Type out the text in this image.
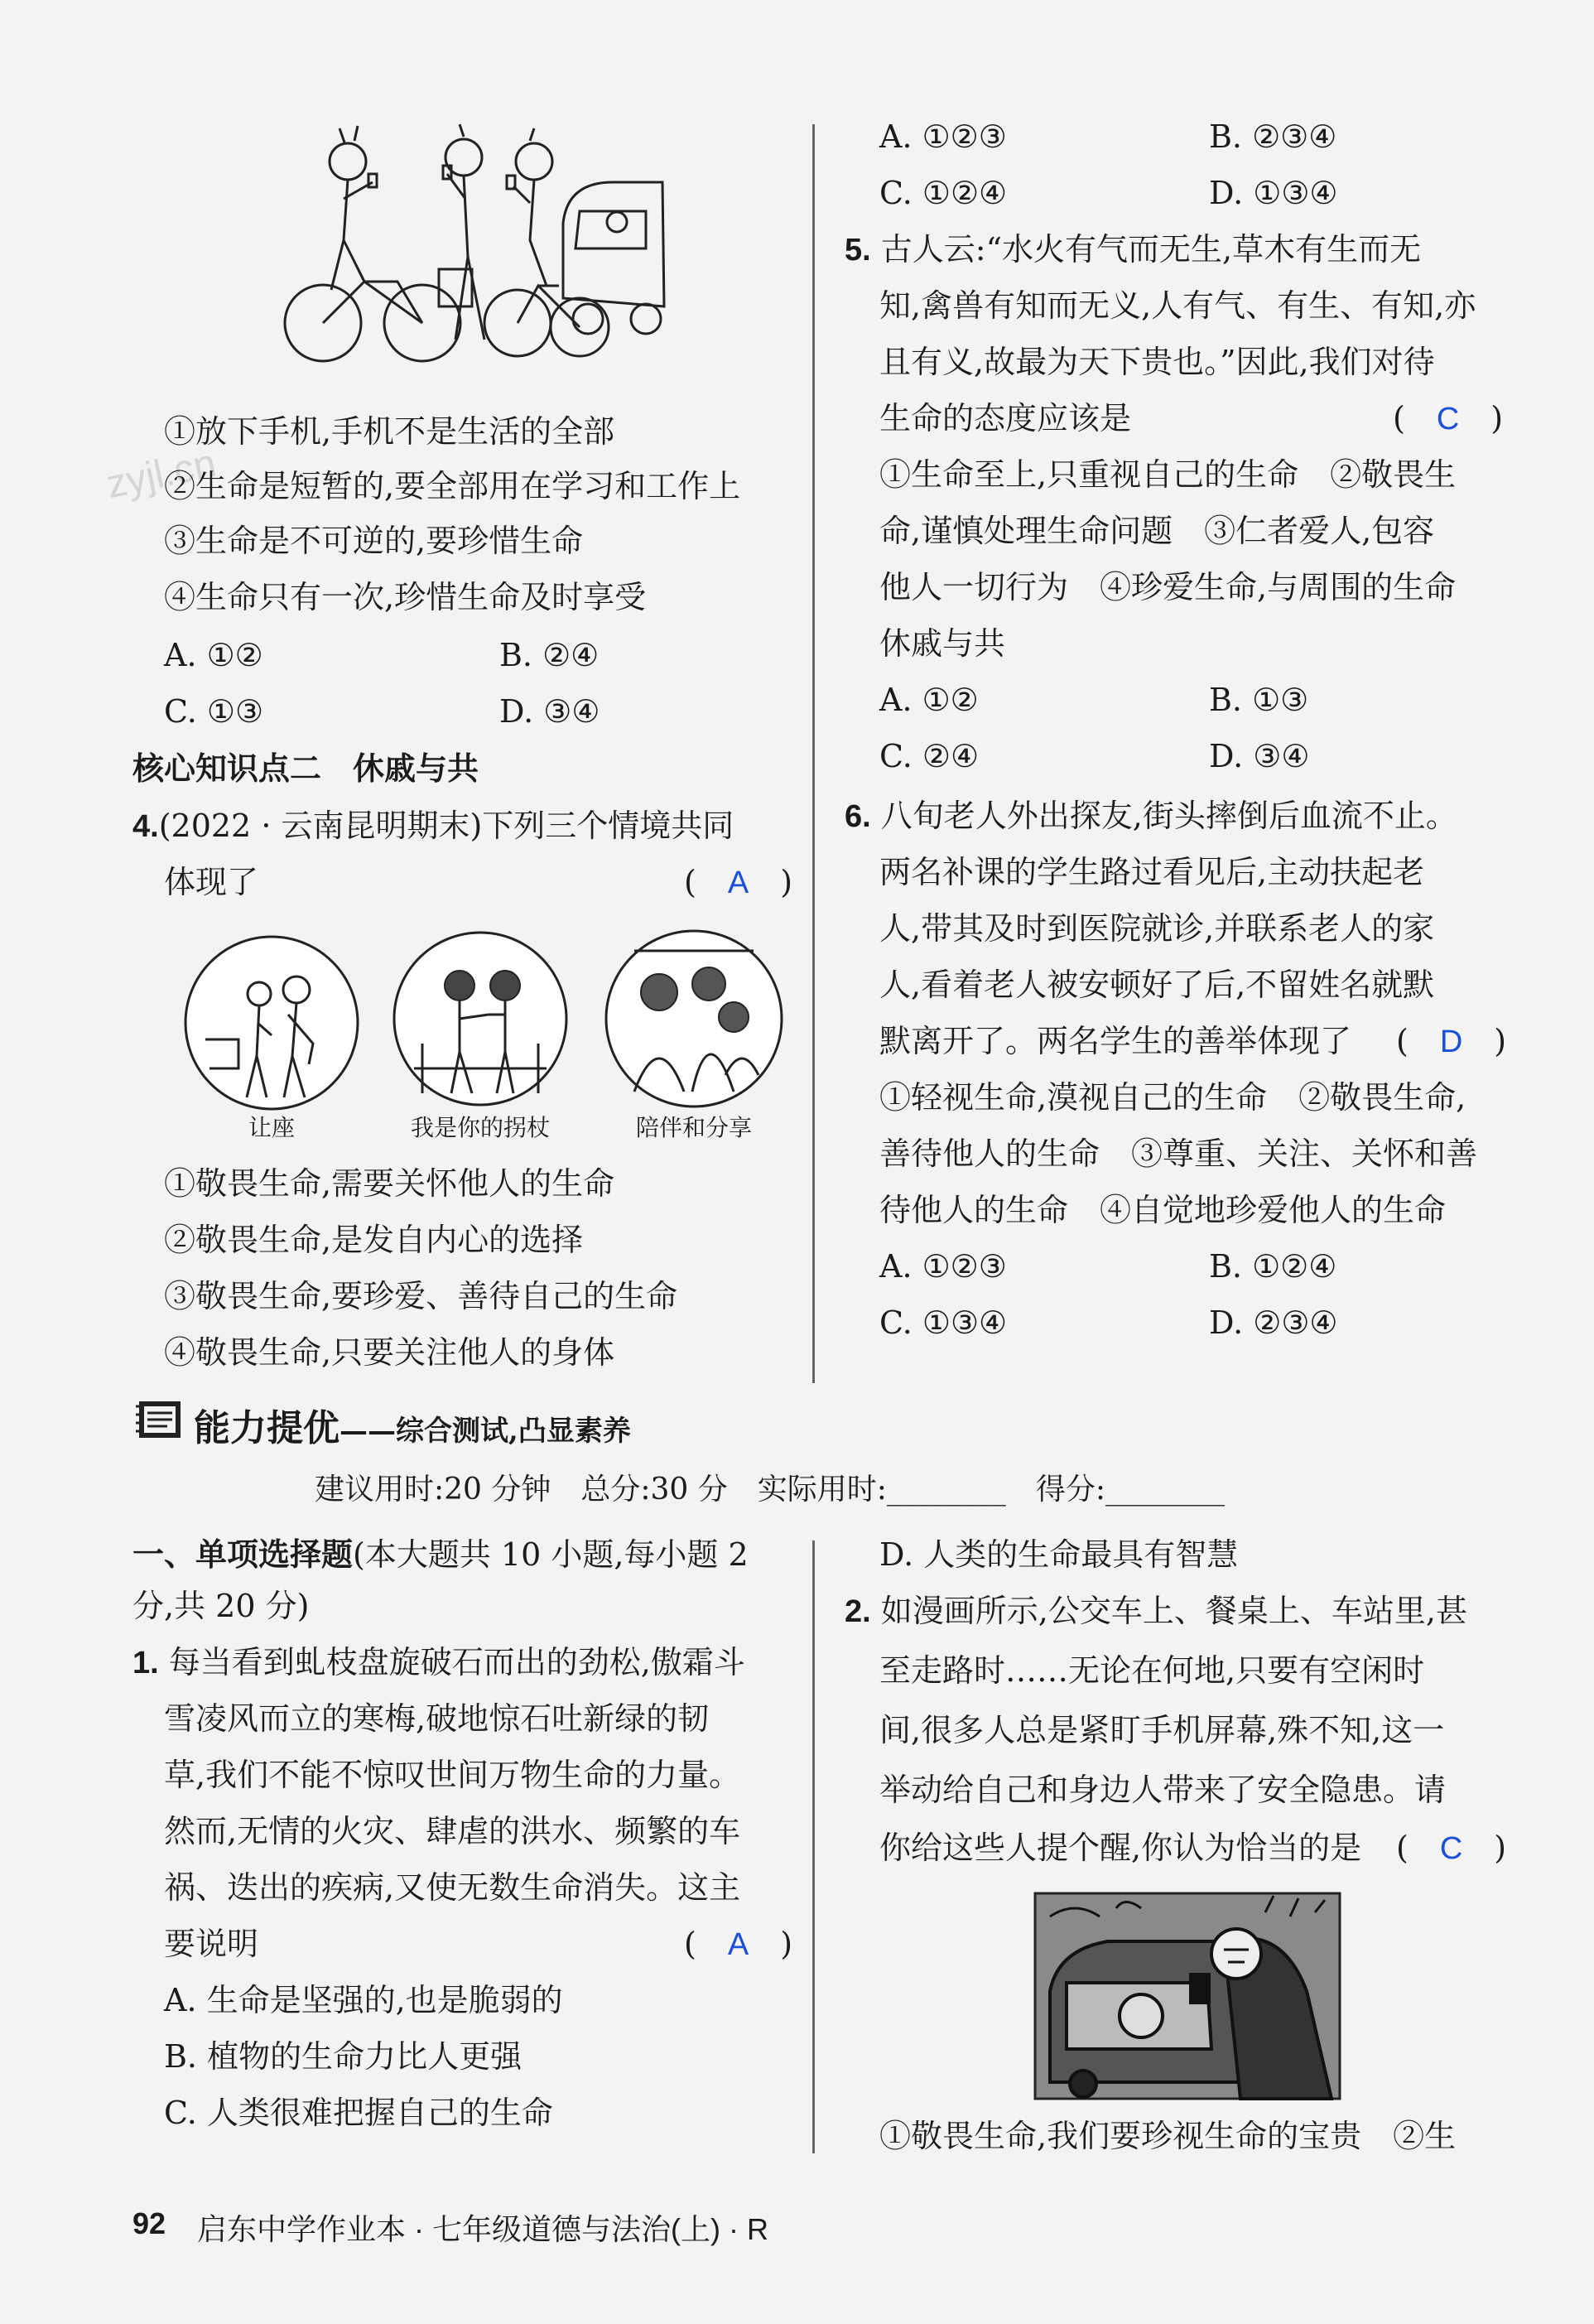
zyjl.cn
①放下手机,手机不是生活的全部
②生命是短暂的,要全部用在学习和工作上
③生命是不可逆的,要珍惜生命
④生命只有一次,珍惜生命及时享受
A. ①②	B. ②④
C. ①③	D. ③④
核心知识点二　休戚与共
4.(2022 · 云南昆明期末)下列三个情境共同
体现了	(　A　)
让座	我是你的拐杖	陪伴和分享
①敬畏生命,需要关怀他人的生命
②敬畏生命,是发自内心的选择
③敬畏生命,要珍爱、善待自己的生命
④敬畏生命,只要关注他人的身体
A. ①②③	B. ②③④
C. ①②④	D. ①③④
5. 古人云:“水火有气而无生,草木有生而无
知,禽兽有知而无义,人有气、有生、有知,亦
且有义,故最为天下贵也。”因此,我们对待
生命的态度应该是	(　C　)
①生命至上,只重视自己的生命　②敬畏生
命,谨慎处理生命问题　③仁者爱人,包容
他人一切行为　④珍爱生命,与周围的生命
休戚与共
A. ①②	B. ①③
C. ②④	D. ③④
6. 八旬老人外出探友,街头摔倒后血流不止。
两名补课的学生路过看见后,主动扶起老
人,带其及时到医院就诊,并联系老人的家
人,看着老人被安顿好了后,不留姓名就默
默离开了。两名学生的善举体现了 (　D　)
①轻视生命,漠视自己的生命　②敬畏生命,
善待他人的生命　③尊重、关注、关怀和善
待他人的生命　④自觉地珍爱他人的生命
A. ①②③	B. ①②④
C. ①③④	D. ②③④
能力提优——综合测试,凸显素养
建议用时:20 分钟　总分:30 分　实际用时:________　得分:________
一、单项选择题(本大题共 10 小题,每小题 2
分,共 20 分)
1. 每当看到虬枝盘旋破石而出的劲松,傲霜斗
雪凌风而立的寒梅,破地惊石吐新绿的韧
草,我们不能不惊叹世间万物生命的力量。
然而,无情的火灾、肆虐的洪水、频繁的车
祸、迭出的疾病,又使无数生命消失。这主
要说明	(　A　)
A. 生命是坚强的,也是脆弱的
B. 植物的生命力比人更强
C. 人类很难把握自己的生命
D. 人类的生命最具有智慧
2. 如漫画所示,公交车上、餐桌上、车站里,甚
至走路时……无论在何地,只要有空闲时
间,很多人总是紧盯手机屏幕,殊不知,这一
举动给自己和身边人带来了安全隐患。请
你给这些人提个醒,你认为恰当的是 (　C　)
①敬畏生命,我们要珍视生命的宝贵　②生
92 启东中学作业本 · 七年级道德与法治(上) · R
